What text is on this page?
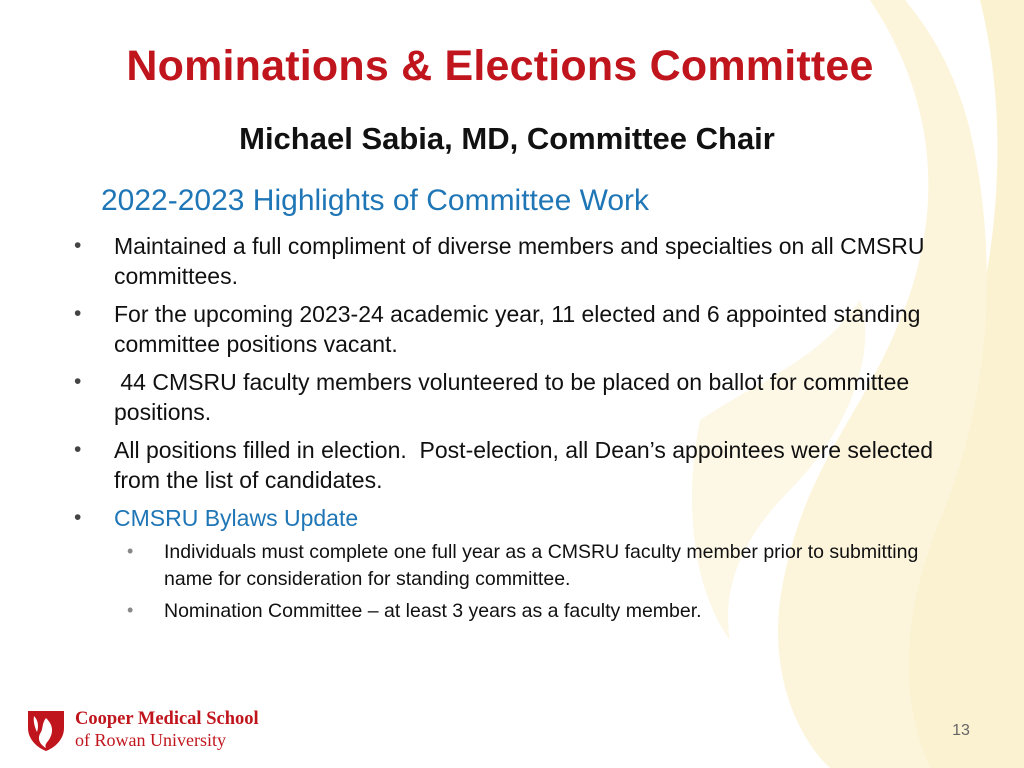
Nominations & Elections Committee
Michael Sabia, MD, Committee Chair
2022-2023 Highlights of Committee Work
• Maintained a full compliment of diverse members and specialties on all CMSRU committees.
• For the upcoming 2023-24 academic year, 11 elected and 6 appointed standing committee positions vacant.
• 44 CMSRU faculty members volunteered to be placed on ballot for committee positions.
• All positions filled in election.  Post-election, all Dean’s appointees were selected from the list of candidates.
• CMSRU Bylaws Update
• Individuals must complete one full year as a CMSRU faculty member prior to submitting name for consideration for standing committee.
• Nomination Committee – at least 3 years as a faculty member.
Cooper Medical School
of Rowan University	13
